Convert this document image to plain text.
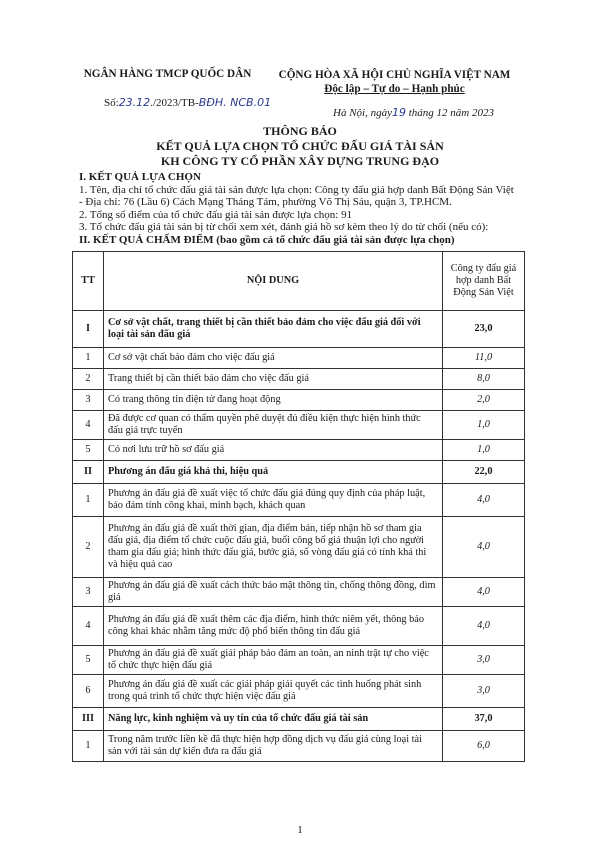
NGÂN HÀNG TMCP QUỐC DÂN	CỘNG HÒA XÃ HỘI CHỦ NGHĨA VIỆT NAM
Độc lập – Tự do – Hạnh phúc
Số:23.12./2023/TB-BĐH. NCB.01
Hà Nội, ngày19 tháng 12 năm 2023
THÔNG BÁO
KẾT QUẢ LỰA CHỌN TỔ CHỨC ĐẤU GIÁ TÀI SẢN
KH CÔNG TY CỔ PHẦN XÂY DỰNG TRUNG ĐẠO
I. KẾT QUẢ LỰA CHỌN
1. Tên, địa chỉ tổ chức đấu giá tài sản được lựa chọn: Công ty đấu giá hợp danh Bất Động Sản Việt - Địa chỉ: 76 (Lầu 6) Cách Mạng Tháng Tám, phường Võ Thị Sáu, quận 3, TP.HCM.
2. Tổng số điểm của tổ chức đấu giá tài sản được lựa chọn: 91
3. Tổ chức đấu giá tài sản bị từ chối xem xét, đánh giá hồ sơ kèm theo lý do từ chối (nếu có):
II. KẾT QUẢ CHẤM ĐIỂM (bao gồm cả tổ chức đấu giá tài sản được lựa chọn)
TT	NỘI DUNG	Công ty đấu giá hợp danh Bất Động Sản Việt
I	Cơ sở vật chất, trang thiết bị cần thiết bảo đảm cho việc đấu giá đối với loại tài sản đấu giá	23,0
1	Cơ sở vật chất bảo đảm cho việc đấu giá	11,0
2	Trang thiết bị cần thiết bảo đảm cho việc đấu giá	8,0
3	Có trang thông tin điện tử đang hoạt động	2,0
4	Đã được cơ quan có thẩm quyền phê duyệt đủ điều kiện thực hiện hình thức đấu giá trực tuyến	1,0
5	Có nơi lưu trữ hồ sơ đấu giá	1,0
II	Phương án đấu giá khả thi, hiệu quả	22,0
1	Phương án đấu giá đề xuất việc tổ chức đấu giá đúng quy định của pháp luật, bảo đảm tính công khai, minh bạch, khách quan	4,0
2	Phương án đấu giá đề xuất thời gian, địa điểm bán, tiếp nhận hồ sơ tham gia đấu giá, địa điểm tổ chức cuộc đấu giá, buổi công bố giá thuận lợi cho người tham gia đấu giá; hình thức đấu giá, bước giá, số vòng đấu giá có tính khả thi và hiệu quả cao	4,0
3	Phương án đấu giá đề xuất cách thức bảo mật thông tin, chống thông đồng, dìm giá	4,0
4	Phương án đấu giá đề xuất thêm các địa điểm, hình thức niêm yết, thông báo công khai khác nhằm tăng mức độ phổ biến thông tin đấu giá	4,0
5	Phương án đấu giá đề xuất giải pháp bảo đảm an toàn, an ninh trật tự cho việc tổ chức thực hiện đấu giá	3,0
6	Phương án đấu giá đề xuất các giải pháp giải quyết các tình huống phát sinh trong quá trình tổ chức thực hiện việc đấu giá	3,0
III	Năng lực, kinh nghiệm và uy tín của tổ chức đấu giá tài sản	37,0
1	Trong năm trước liền kề đã thực hiện hợp đồng dịch vụ đấu giá cùng loại tài sản với tài sản dự kiến đưa ra đấu giá	6,0
1
